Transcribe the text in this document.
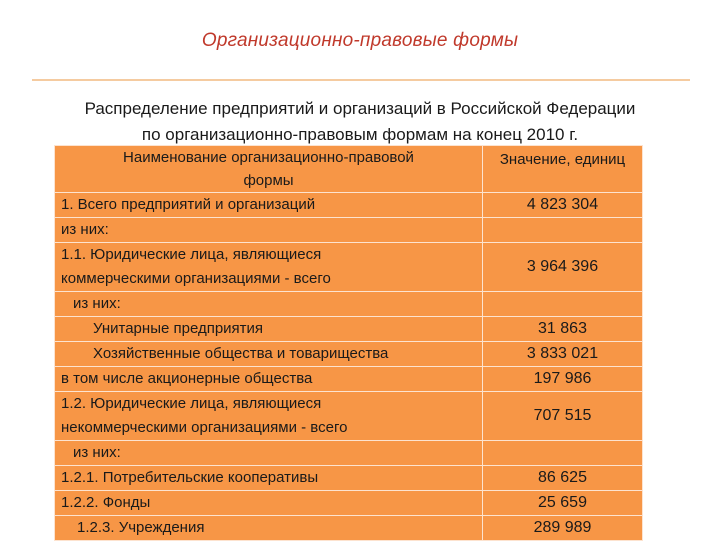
Организационно-правовые формы
Распределение предприятий и организаций в Российской Федерации
по организационно-правовым формам на конец 2010 г.
Наименование организационно-правовой
формы	Значение, единиц
1. Всего предприятий и организаций	4 823 304
из них:	

1.1. Юридические лица, являющиеся
коммерческими организациями - всего	3 964 396
из них:	
Унитарные предприятия	31 863
Хозяйственные общества и товарищества	3 833 021
в том числе акционерные общества	197 986

1.2. Юридические лица, являющиеся
некоммерческими организациями - всего	707 515
из них:	
1.2.1. Потребительские кооперативы	86 625
1.2.2. Фонды	25 659
1.2.3. Учреждения	289 989
